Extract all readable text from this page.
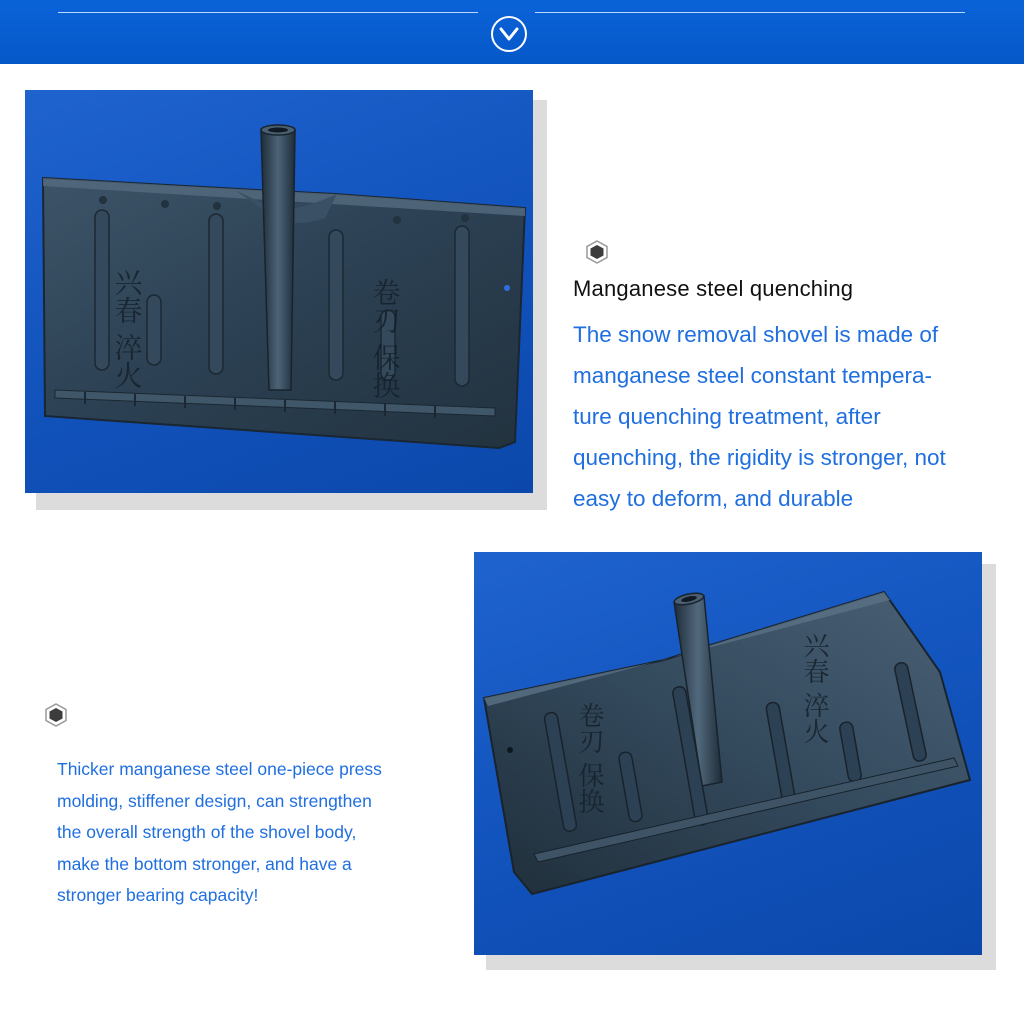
兴春 淬火	卷刃 保换	Manganese steel quenching

The snow removal shovel is made of
manganese steel constant tempera-
ture quenching treatment, after
quenching, the rigidity is stronger, not
easy to deform, and durable

卷刃 保换
兴春 淬火

Thicker manganese steel one-piece press
molding, stiffener design, can strengthen
the overall strength of the shovel body,
make the bottom stronger, and have a
stronger bearing capacity!
